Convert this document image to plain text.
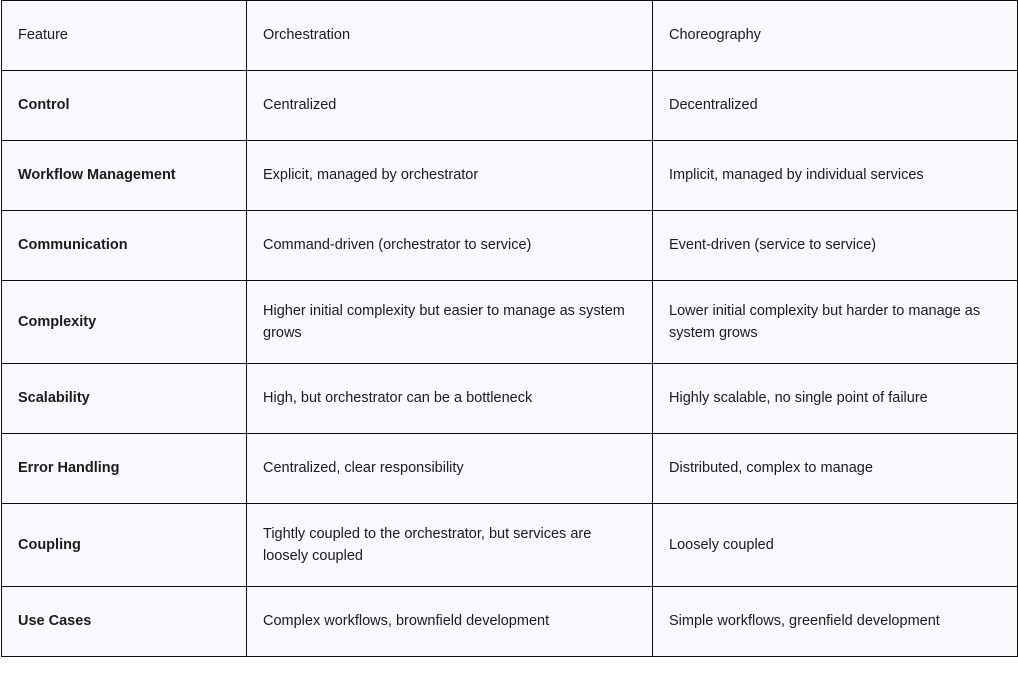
Feature	Orchestration	Choreography
Control	Centralized	Decentralized
Workflow Management	Explicit, managed by orchestrator	Implicit, managed by individual services
Communication	Command-driven (orchestrator to service)	Event-driven (service to service)
Complexity	Higher initial complexity but easier to manage as system grows	Lower initial complexity but harder to manage as system grows
Scalability	High, but orchestrator can be a bottleneck	Highly scalable, no single point of failure
Error Handling	Centralized, clear responsibility	Distributed, complex to manage
Coupling	Tightly coupled to the orchestrator, but services are loosely coupled	Loosely coupled
Use Cases	Complex workflows, brownfield development	Simple workflows, greenfield development
